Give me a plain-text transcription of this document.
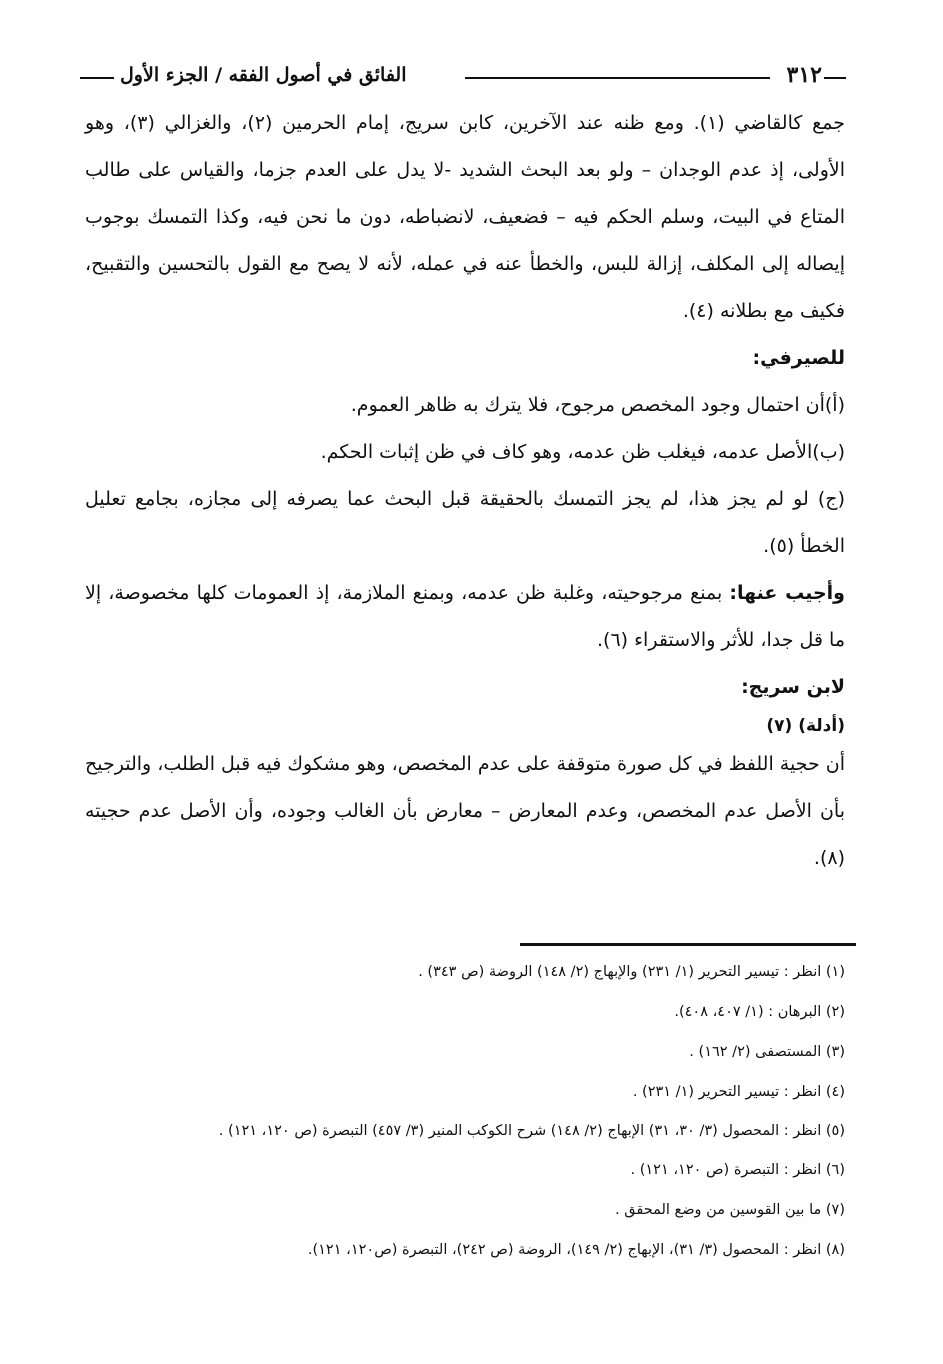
٣١٢
الفائق في أصول الفقه / الجزء الأول

جمع كالقاضي (١). ومع ظنه عند الآخرين، كابن سريج، إمام الحرمين (٢)، والغزالي (٣)، وهو الأولى، إذ عدم الوجدان – ولو بعد البحث الشديد -لا يدل على العدم جزما، والقياس على طالب المتاع في البيت، وسلم الحكم فيه – فضعيف، لانضباطه، دون ما نحن فيه، وكذا التمسك بوجوب إيصاله إلى المكلف، إزالة للبس، والخطأ عنه في عمله، لأنه لا يصح مع القول بالتحسين والتقبيح، فكيف مع بطلانه (٤).

للصيرفي:

(أ)أن احتمال وجود المخصص مرجوح، فلا يترك به ظاهر العموم.

(ب)الأصل عدمه، فيغلب ظن عدمه، وهو كاف في ظن إثبات الحكم.

(ج) لو لم يجز هذا، لم يجز التمسك بالحقيقة قبل البحث عما يصرفه إلى مجازه، بجامع تعليل الخطأ (٥).

وأجيب عنها: بمنع مرجوحيته، وغلبة ظن عدمه، وبمنع الملازمة، إذ العمومات كلها مخصوصة، إلا ما قل جدا، للأثر والاستقراء (٦).

لابن سريج:

(أدلة) (٧)

أن حجية اللفظ في كل صورة متوقفة على عدم المخصص، وهو مشكوك فيه قبل الطلب، والترجيح بأن الأصل عدم المخصص، وعدم المعارض – معارض بأن الغالب وجوده، وأن الأصل عدم حجيته (٨).

(١) انظر : تيسير التحرير (١/ ٢٣١) والإبهاج (٢/ ١٤٨) الروضة (ص ٣٤٣) .

(٢) البرهان : (١/ ٤٠٧، ٤٠٨).

(٣) المستصفى (٢/ ١٦٢) .

(٤) انظر : تيسير التحرير (١/ ٢٣١) .

(٥) انظر : المحصول (٣/ ٣٠، ٣١) الإبهاج (٢/ ١٤٨) شرح الكوكب المنير (٣/ ٤٥٧) التبصرة (ص ١٢٠، ١٢١) .

(٦) انظر : التبصرة (ص ١٢٠، ١٢١) .

(٧) ما بين القوسين من وضع المحقق .

(٨) انظر : المحصول (٣/ ٣١)، الإبهاج (٢/ ١٤٩)، الروضة (ص ٢٤٢)، التبصرة (ص١٢٠، ١٢١).
